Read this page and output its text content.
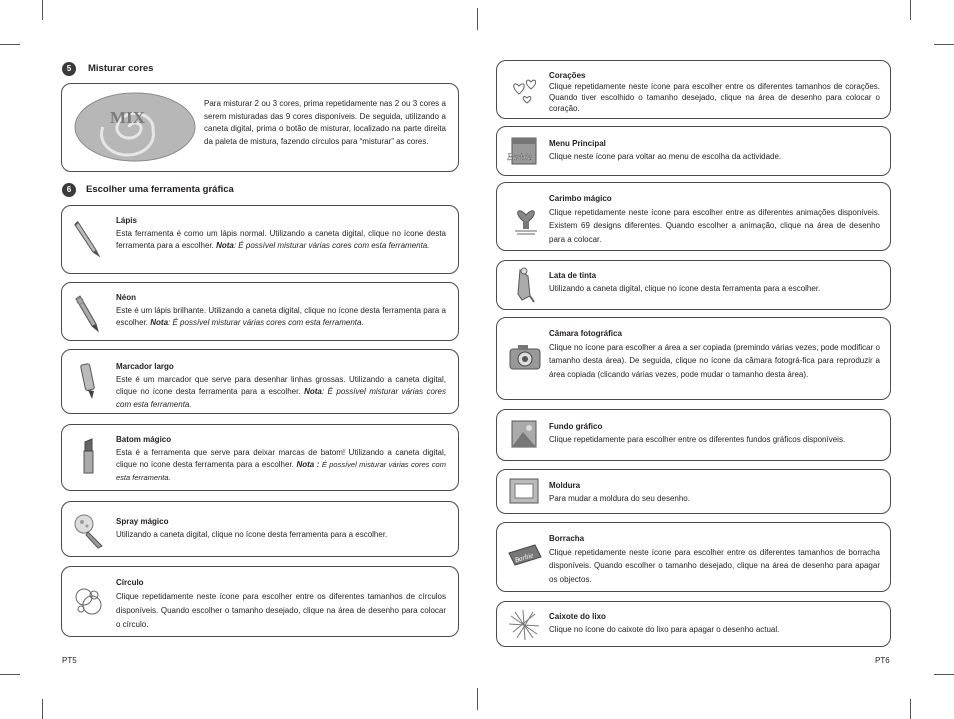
5	Misturar cores
MIX
Para misturar 2 ou 3 cores, prima repetidamente nas 2 ou 3 cores a serem misturadas das 9 cores disponíveis. De seguida, utilizando a caneta digital, prima o botão de misturar, localizado na parte direita da paleta de mistura, fazendo círculos para “misturar” as cores.
6	Escolher uma ferramenta gráfica
Lápis
Esta ferramenta é como um lápis normal. Utilizando a caneta digital, clique no ícone desta ferramenta para a escolher. Nota: É possível misturar várias cores com esta ferramenta.
Néon
Este é um lápis brilhante. Utilizando a caneta digital, clique no ícone desta ferramenta para a escolher. Nota: É possível misturar várias cores com esta ferramenta.
Marcador largo
Este é um marcador que serve para desenhar linhas grossas. Utilizando a caneta digital, clique no ícone desta ferramenta para a escolher. Nota: É possível misturar várias cores com esta ferramenta.
Batom mágico
Esta é a ferramenta que serve para deixar marcas de batom! Utilizando a caneta digital, clique no ícone desta ferramenta para a escolher. Nota : É possível misturar várias cores com esta ferramenta.
Spray mágico
Utilizando a caneta digital, clique no ícone desta ferramenta para a escolher.
Círculo
Clique repetidamente neste ícone para escolher entre os diferentes tamanhos de círculos disponíveis. Quando escolher o tamanho desejado, clique na área de desenho para colocar o círculo.
PT5
Corações
Clique repetidamente neste ícone para escolher entre os diferentes tamanhos de corações. Quando tiver escolhido o tamanho desejado, clique na área de desenho para colocar o coração.
Barbie
Menu Principal
Clique neste ícone para voltar ao menu de escolha da actividade.
Carimbo mágico
Clique repetidamente neste ícone para escolher entre as diferentes animações disponíveis. Existem 69 designs diferentes. Quando escolher a animação, clique na área de desenho para a colocar.
Lata de tinta
Utilizando a caneta digital, clique no ícone desta ferramenta para a escolher.
Câmara fotográfica
Clique no ícone para escolher a área a ser copiada (premindo várias vezes, pode modificar o tamanho desta área). De seguida, clique no ícone da câmara fotográ-fica para reproduzir a área copiada (clicando várias vezes, pode mudar o tamanho desta área).
Fundo gráfico
Clique repetidamente para escolher entre os diferentes fundos gráficos disponíveis.
Moldura
Para mudar a moldura do seu desenho.
Barbie
Borracha
Clique repetidamente neste ícone para escolher entre os diferentes tamanhos de borracha disponíveis. Quando escolher o tamanho desejado, clique na área de desenho para apagar os objectos.
Caixote do lixo
Clique no ícone do caixote do lixo para apagar o desenho actual.
PT6
